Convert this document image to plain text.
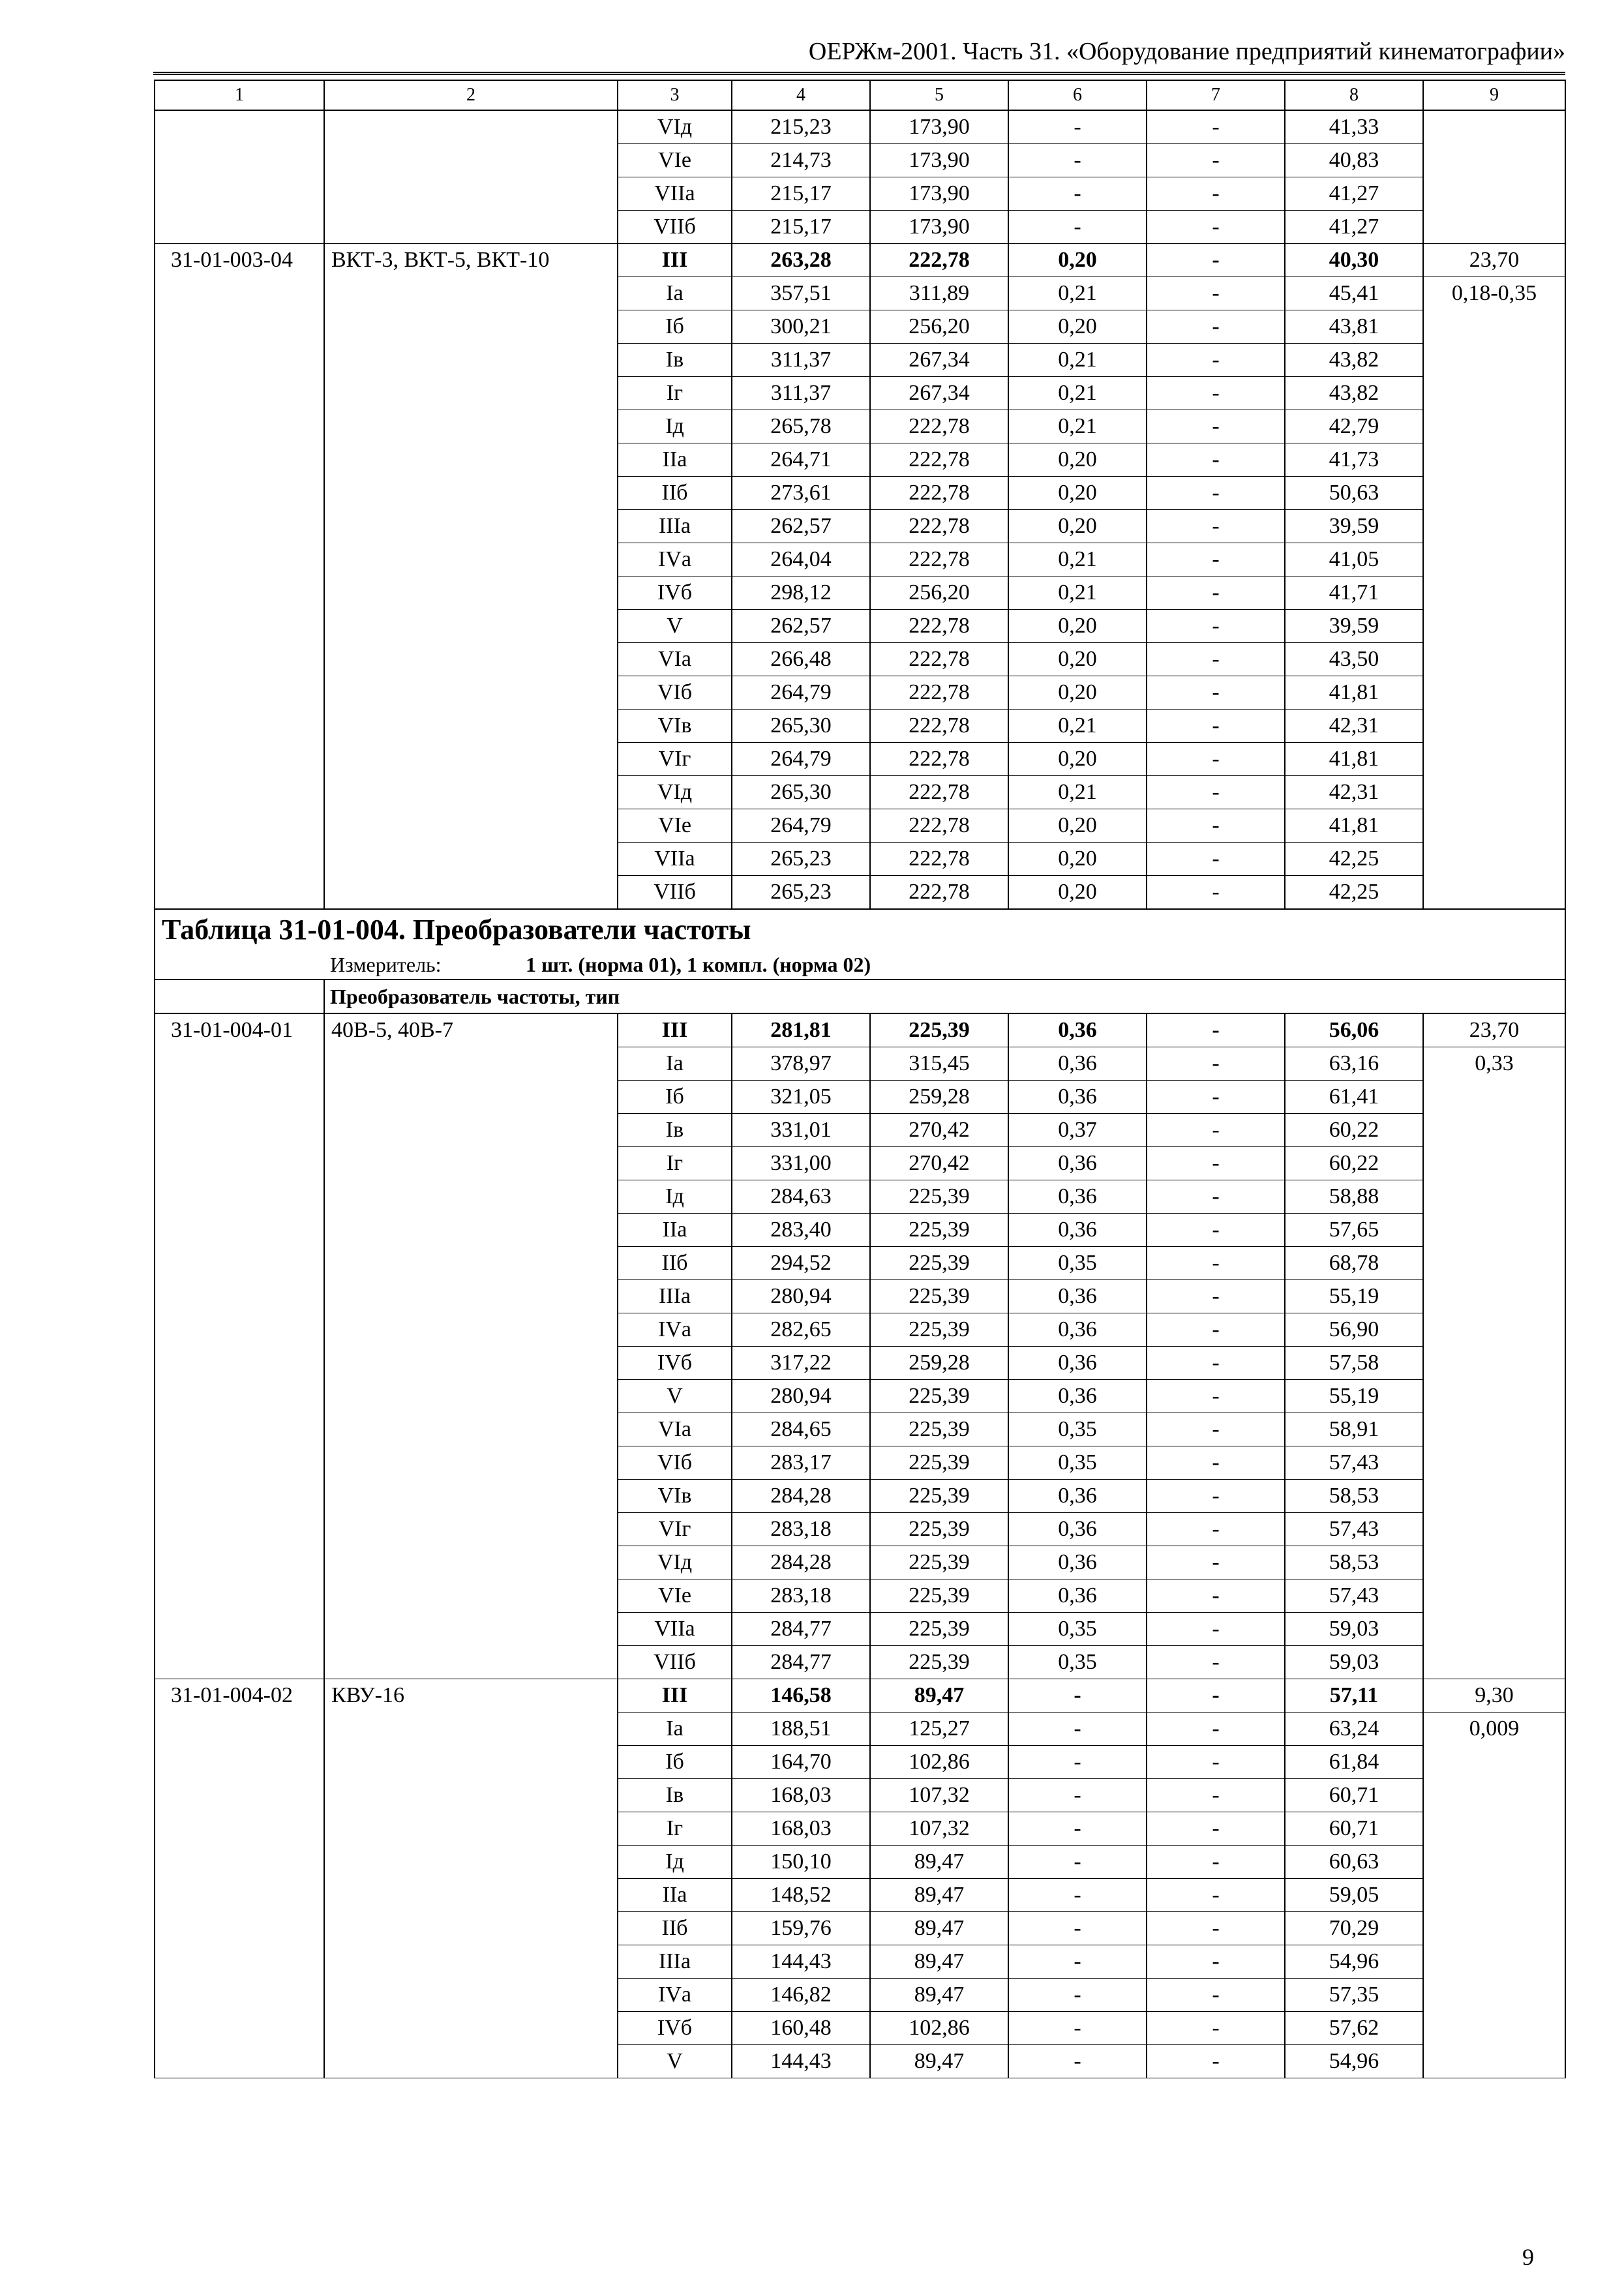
ОЕРЖм-2001. Часть 31. «Оборудование предприятий кинематографии»
1	2	3	4	5	6	7	8	9
		VIд	215,23	173,90	-	-	41,33	
		VIе	214,73	173,90	-	-	40,83	
		VIIа	215,17	173,90	-	-	41,27	
		VIIб	215,17	173,90	-	-	41,27	
31-01-003-04	ВКТ-3, ВКТ-5, ВКТ-10	III	263,28	222,78	0,20	-	40,30	23,70
		Iа	357,51	311,89	0,21	-	45,41	0,18-0,35
		Iб	300,21	256,20	0,20	-	43,81	
		Iв	311,37	267,34	0,21	-	43,82	
		Iг	311,37	267,34	0,21	-	43,82	
		Iд	265,78	222,78	0,21	-	42,79	
		IIа	264,71	222,78	0,20	-	41,73	
		IIб	273,61	222,78	0,20	-	50,63	
		IIIа	262,57	222,78	0,20	-	39,59	
		IVа	264,04	222,78	0,21	-	41,05	
		IVб	298,12	256,20	0,21	-	41,71	
		V	262,57	222,78	0,20	-	39,59	
		VIа	266,48	222,78	0,20	-	43,50	
		VIб	264,79	222,78	0,20	-	41,81	
		VIв	265,30	222,78	0,21	-	42,31	
		VIг	264,79	222,78	0,20	-	41,81	
		VIд	265,30	222,78	0,21	-	42,31	
		VIе	264,79	222,78	0,20	-	41,81	
		VIIа	265,23	222,78	0,20	-	42,25	
		VIIб	265,23	222,78	0,20	-	42,25	
Таблица 31-01-004. Преобразователи частоты								
Измеритель: 1 шт. (норма 01), 1 компл. (норма 02)								
	Преобразователь частоты, тип							
31-01-004-01	40В-5, 40В-7	III	281,81	225,39	0,36	-	56,06	23,70
		Iа	378,97	315,45	0,36	-	63,16	0,33
		Iб	321,05	259,28	0,36	-	61,41	
		Iв	331,01	270,42	0,37	-	60,22	
		Iг	331,00	270,42	0,36	-	60,22	
		Iд	284,63	225,39	0,36	-	58,88	
		IIа	283,40	225,39	0,36	-	57,65	
		IIб	294,52	225,39	0,35	-	68,78	
		IIIа	280,94	225,39	0,36	-	55,19	
		IVа	282,65	225,39	0,36	-	56,90	
		IVб	317,22	259,28	0,36	-	57,58	
		V	280,94	225,39	0,36	-	55,19	
		VIа	284,65	225,39	0,35	-	58,91	
		VIб	283,17	225,39	0,35	-	57,43	
		VIв	284,28	225,39	0,36	-	58,53	
		VIг	283,18	225,39	0,36	-	57,43	
		VIд	284,28	225,39	0,36	-	58,53	
		VIе	283,18	225,39	0,36	-	57,43	
		VIIа	284,77	225,39	0,35	-	59,03	
		VIIб	284,77	225,39	0,35	-	59,03	
31-01-004-02	КВУ-16	III	146,58	89,47	-	-	57,11	9,30
		Iа	188,51	125,27	-	-	63,24	0,009
		Iб	164,70	102,86	-	-	61,84	
		Iв	168,03	107,32	-	-	60,71	
		Iг	168,03	107,32	-	-	60,71	
		Iд	150,10	89,47	-	-	60,63	
		IIа	148,52	89,47	-	-	59,05	
		IIб	159,76	89,47	-	-	70,29	
		IIIа	144,43	89,47	-	-	54,96	
		IVа	146,82	89,47	-	-	57,35	
		IVб	160,48	102,86	-	-	57,62	
		V	144,43	89,47	-	-	54,96	
9
